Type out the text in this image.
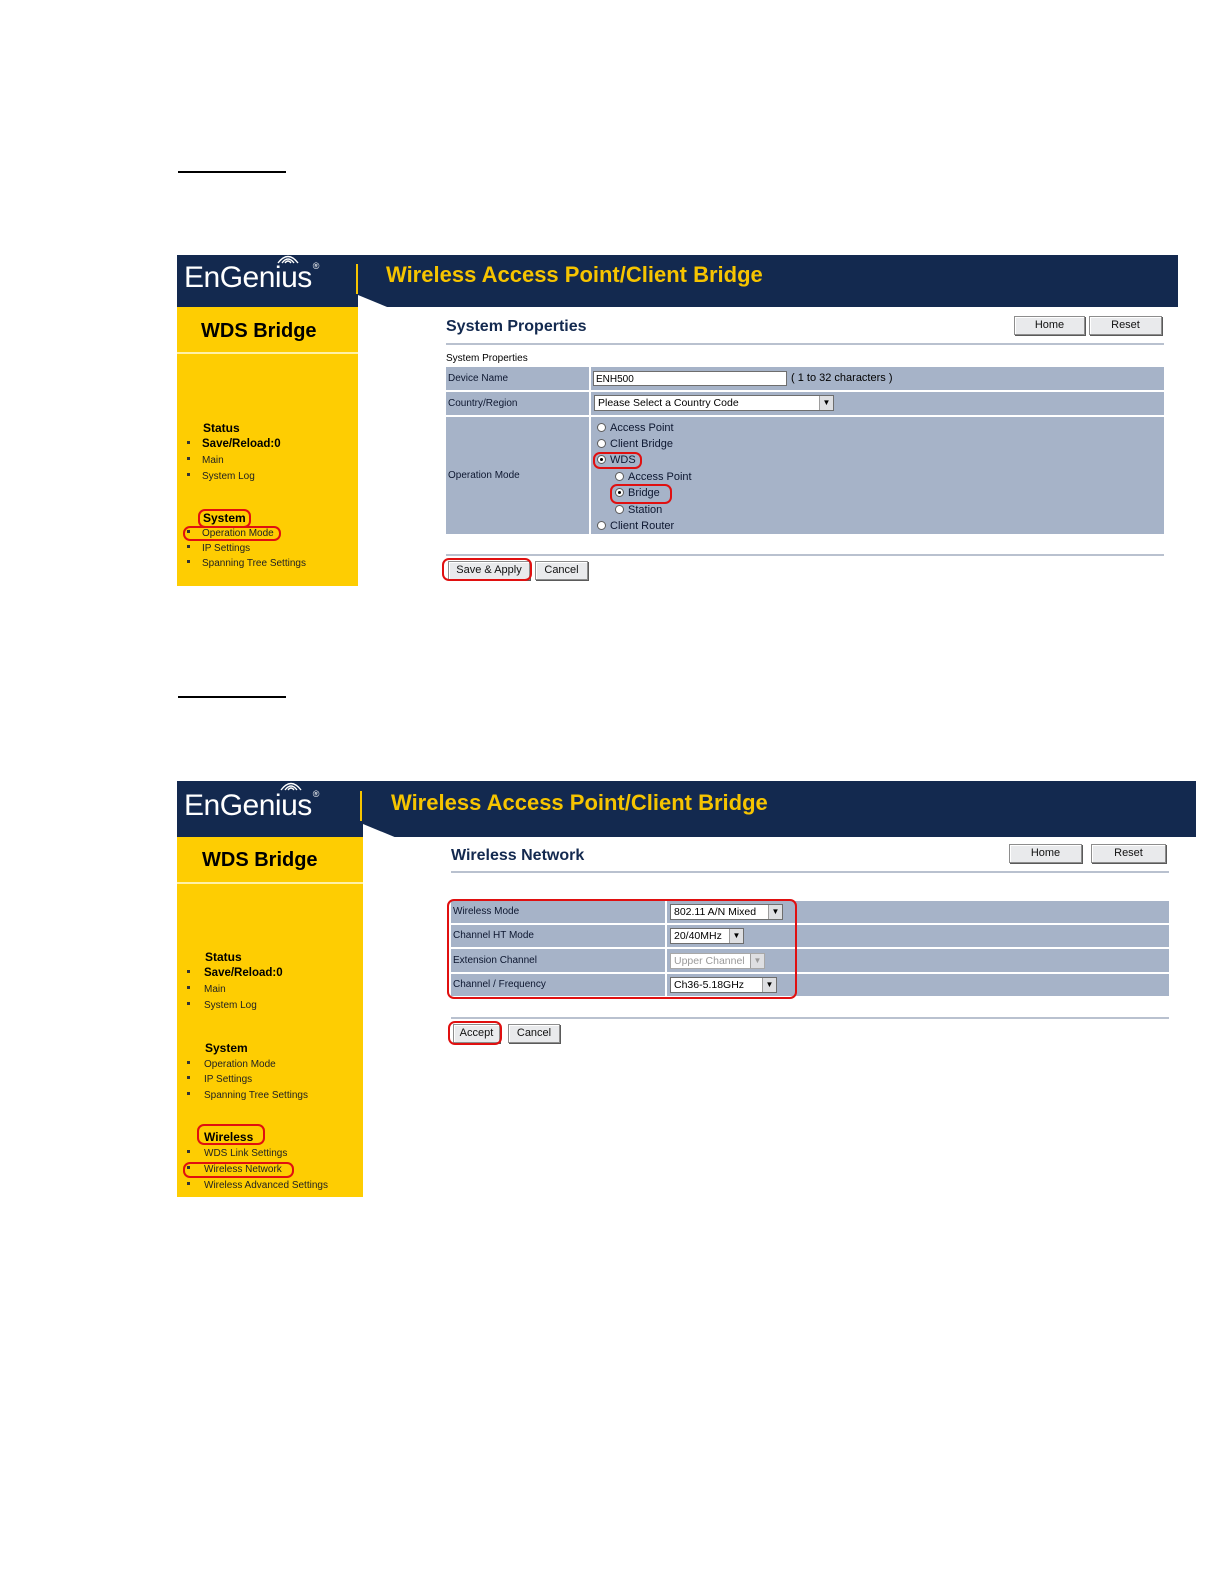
EnGenius®	Wireless Access Point/Client Bridge
WDS Bridge
Status
Save/Reload:0
Main
System Log
System
Operation Mode
IP Settings
Spanning Tree Settings
System Properties	Home	Reset
System Properties
Device Name	ENH500	( 1 to 32 characters )
Country/Region	Please Select a Country Code	▼
Operation Mode
Access Point
Client Bridge
WDS
Access Point
Bridge
Station
Client Router
Save & Apply	Cancel
EnGenius®	Wireless Access Point/Client Bridge
WDS Bridge
Status
Save/Reload:0
Main
System Log
System
Operation Mode
IP Settings
Spanning Tree Settings
Wireless
WDS Link Settings
Wireless Network
Wireless Advanced Settings
Wireless Network	Home	Reset
Wireless Mode	802.11 A/N Mixed	▼
Channel HT Mode	20/40MHz	▼
Extension Channel	Upper Channel	▼
Channel / Frequency	Ch36-5.18GHz	▼
Accept	Cancel
